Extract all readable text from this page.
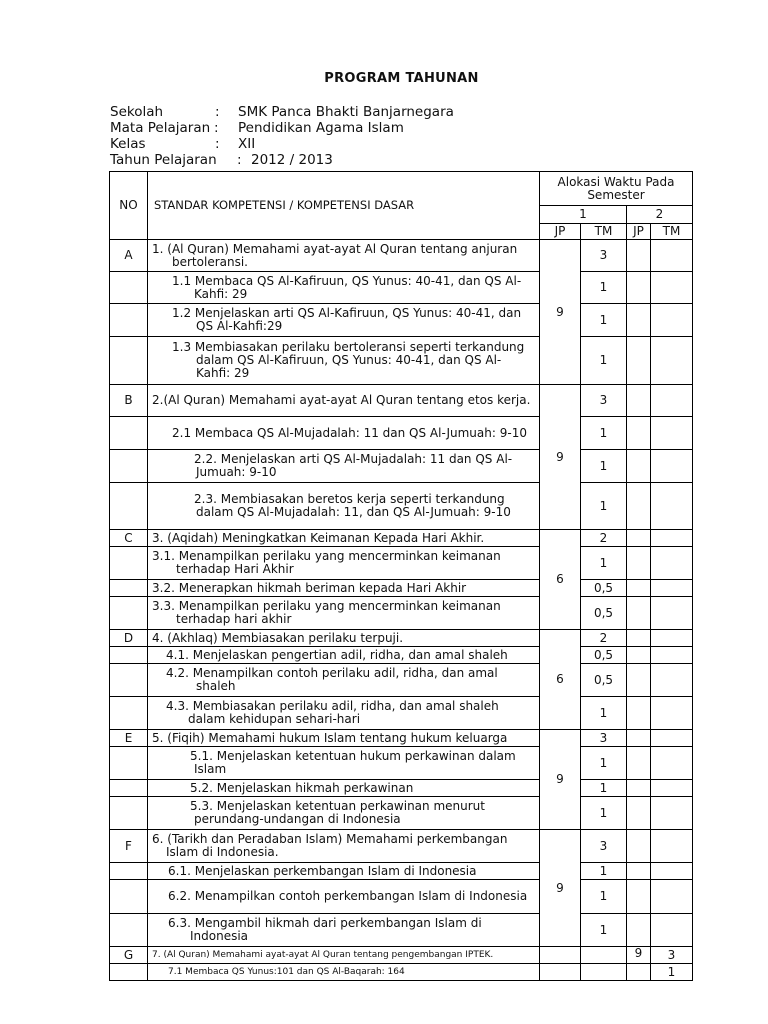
PROGRAM TAHUNAN
Sekolah	: SMK Panca Bhakti Banjarnegara
Mata Pelajaran : Pendidikan Agama Islam
Kelas	: XII
Tahun Pelajaran : 2012 / 2013
NO	STANDAR KOMPETENSI / KOMPETENSI DASAR	Alokasi Waktu Pada Semester			
		1		2	
		JP	TM	JP	TM
A	1. (Al Quran) Memahami ayat-ayat Al Quran tentang anjuran bertoleransi.	9	3		
	1.1 Membaca QS Al-Kafiruun, QS Yunus: 40-41, dan QS Al-Kahfi: 29		1		
	1.2 Menjelaskan arti QS Al-Kafiruun, QS Yunus: 40-41, dan QS Al-Kahfi:29		1		
	1.3 Membiasakan perilaku bertoleransi seperti terkandung dalam QS Al-Kafiruun, QS Yunus: 40-41, dan QS Al-Kahfi: 29		1		
B	2.(Al Quran) Memahami ayat-ayat Al Quran tentang etos kerja.	9	3		
	2.1 Membaca QS Al-Mujadalah: 11 dan QS Al-Jumuah: 9-10		1		
	2.2. Menjelaskan arti QS Al-Mujadalah: 11 dan QS Al-Jumuah: 9-10		1		
	2.3. Membiasakan beretos kerja seperti terkandung dalam QS Al-Mujadalah: 11, dan QS Al-Jumuah: 9-10		1		
C	3. (Aqidah) Meningkatkan Keimanan Kepada Hari Akhir.	6	2		
	3.1. Menampilkan perilaku yang mencerminkan keimanan terhadap Hari Akhir		1		
	3.2. Menerapkan hikmah beriman kepada Hari Akhir		0,5		
	3.3. Menampilkan perilaku yang mencerminkan keimanan terhadap hari akhir		0,5		
D	4. (Akhlaq) Membiasakan perilaku terpuji.	6	2		
	4.1. Menjelaskan pengertian adil, ridha, dan amal shaleh		0,5		
	4.2. Menampilkan contoh perilaku adil, ridha, dan amal shaleh		0,5		
	4.3. Membiasakan perilaku adil, ridha, dan amal shaleh dalam kehidupan sehari-hari		1		
E	5. (Fiqih) Memahami hukum Islam tentang hukum keluarga	9	3		
	5.1. Menjelaskan ketentuan hukum perkawinan dalam Islam		1		
	5.2. Menjelaskan hikmah perkawinan		1		
	5.3. Menjelaskan ketentuan perkawinan menurut perundang-undangan di Indonesia		1		
F	6. (Tarikh dan Peradaban Islam) Memahami perkembangan Islam di Indonesia.	9	3		
	6.1. Menjelaskan perkembangan Islam di Indonesia		1		
	6.2. Menampilkan contoh perkembangan Islam di Indonesia		1		
	6.3. Mengambil hikmah dari perkembangan Islam di Indonesia		1		
G	7. (Al Quran) Memahami ayat-ayat Al Quran tentang pengembangan IPTEK.			9	3
	7.1 Membaca QS Yunus:101 dan QS Al-Baqarah: 164				1
